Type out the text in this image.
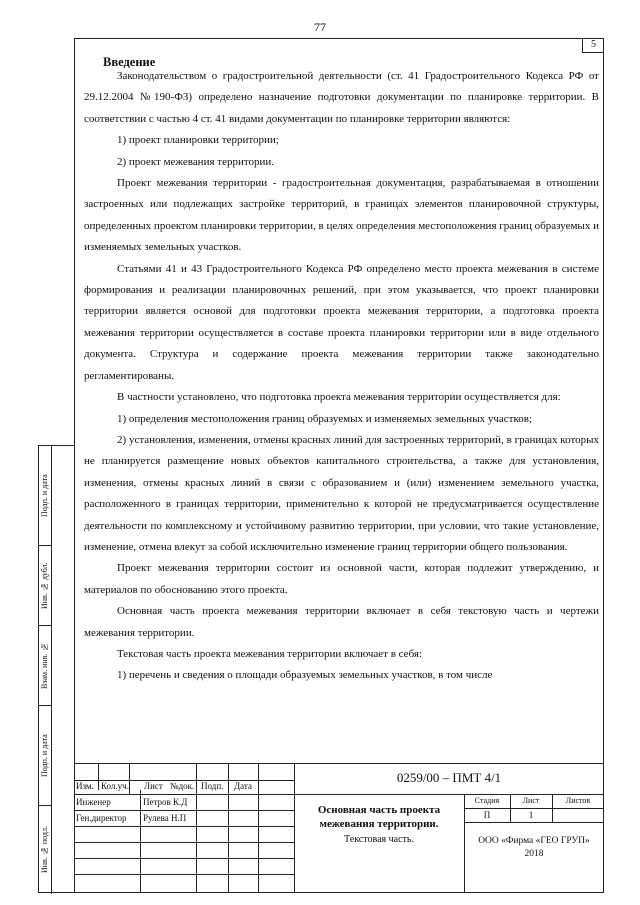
77
5
Введение

Законодательством о градостроительной деятельности (ст. 41 Градостроительного Кодекса РФ от 29.12.2004 №190-ФЗ) определено назначение подготовки документации по планировке территории. В соответствии с частью 4 ст. 41 видами документации по планировке территории являются:

1) проект планировки территории;

2) проект межевания территории.

Проект межевания территории - градостроительная документация, разрабатываемая в отношении застроенных или подлежащих застройке территорий, в границах элементов планировочной структуры, определенных проектом планировки территории, в целях определения местоположения границ образуемых и изменяемых земельных участков.

Статьями 41 и 43 Градостроительного Кодекса РФ определено место проекта межевания в системе формирования и реализации планировочных решений, при этом указывается, что проект планировки территории является основой для подготовки проекта межевания территории, а подготовка проекта межевания территории осуществляется в составе проекта планировки территории или в виде отдельного документа. Структура и содержание проекта межевания территории также законодательно регламентированы.

В частности установлено, что подготовка проекта межевания территории осуществляется для:

1) определения местоположения границ образуемых и изменяемых земельных участков;

2) установления, изменения, отмены красных линий для застроенных территорий, в границах которых не планируется размещение новых объектов капитального строительства, а также для установления, изменения, отмены красных линий в связи с образованием и (или) изменением земельного участка, расположенного в границах территории, применительно к которой не предусматривается осуществление деятельности по комплексному и устойчивому развитию территории, при условии, что такие установление, изменение, отмена влекут за собой исключительно изменение границ территории общего пользования.

Проект межевания территории состоит из основной части, которая подлежит утверждению, и материалов по обоснованию этого проекта.

Основная часть проекта межевания территории включает в себя текстовую часть и чертежи межевания территории.

Текстовая часть проекта межевания территории включает в себя:

1) перечень и сведения о площади образуемых земельных участков, в том числе

Подп. и дата
Инв. № дубл.
Взам. инв. №
Подп. и дата
Инв. № подл.
Изм. Кол.уч. Лист №док. Подп. Дата
Инженер	Петров К.Д
Ген.директор Рулева Н.П
0259/00 – ПМТ 4/1
Основная часть проекта
межевания территории.
Текстовая часть.
Стадия	Лист	Листов
П	1
ООО «Фирма «ГЕО ГРУП»
2018
